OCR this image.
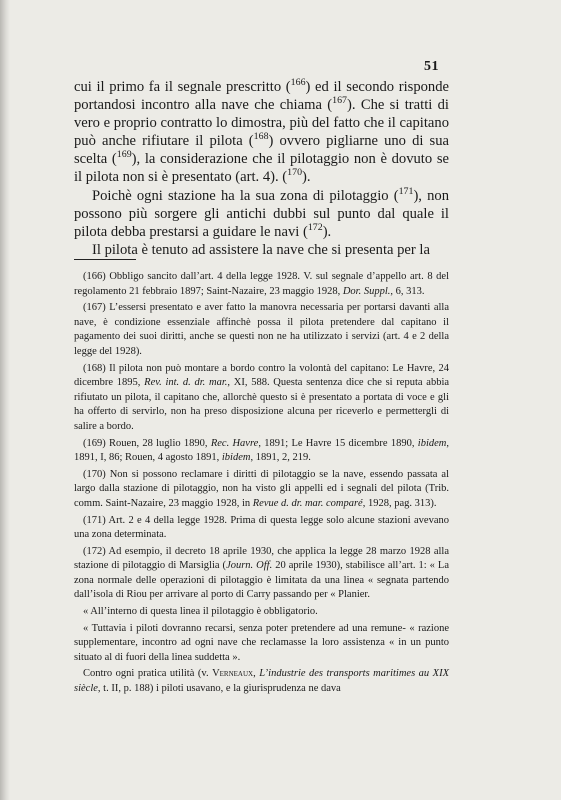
51

cui il primo fa il segnale prescritto ($^{166}$) ed il secondo risponde portandosi incontro alla nave che chiama ($^{167}$). Che si tratti di vero e proprio contratto lo dimostra, più del fatto che il capitano può anche rifiutare il pilota ($^{168}$) ovvero pigliarne uno di sua scelta ($^{169}$), la considerazione che il pilotaggio non è dovuto se il pilota non si è presentato (art. 4). ($^{170}$).

Poichè ogni stazione ha la sua zona di pilotaggio ($^{171}$), non possono più sorgere gli antichi dubbi sul punto dal quale il pilota debba prestarsi a guidare le navi ($^{172}$).

Il pilota è tenuto ad assistere la nave che si presenta per la

(166) Obbligo sancito dall’art. 4 della legge 1928. V. sul segnale d’appello art. 8 del regolamento 21 febbraio 1897; Saint-Nazaire, 23 maggio 1928, Dor. Suppl., 6, 313.

(167) L’essersi presentato e aver fatto la manovra necessaria per portarsi davanti alla nave, è condizione essenziale affinchè possa il pilota pretendere dal capitano il pagamento dei suoi diritti, anche se questi non ne ha utilizzato i servizi (art. 4 e 2 della legge del 1928).

(168) Il pilota non può montare a bordo contro la volontà del capitano: Le Havre, 24 dicembre 1895, Rev. int. d. dr. mar., XI, 588. Questa sentenza dice che si reputa abbia rifiutato un pilota, il capitano che, allorchè questo si è presentato a portata di voce e gli ha offerto di servirlo, non ha preso disposizione alcuna per riceverlo e permettergli di salire a bordo.

(169) Rouen, 28 luglio 1890, Rec. Havre, 1891; Le Havre 15 dicembre 1890, ibidem, 1891, I, 86; Rouen, 4 agosto 1891, ibidem, 1891, 2, 219.

(170) Non si possono reclamare i diritti di pilotaggio se la nave, essendo passata al largo dalla stazione di pilotaggio, non ha visto gli appelli ed i segnali del pilota (Trib. comm. Saint-Nazaire, 23 maggio 1928, in Revue d. dr. mar. comparé, 1928, pag. 313).

(171) Art. 2 e 4 della legge 1928. Prima di questa legge solo alcune stazioni avevano una zona determinata.

(172) Ad esempio, il decreto 18 aprile 1930, che applica la legge 28 marzo 1928 alla stazione di pilotaggio di Marsiglia (Journ. Off. 20 aprile 1930), stabilisce all’art. 1: « La zona normale delle operazioni di pilotaggio è limitata da una linea « segnata partendo dall’isola di Riou per arrivare al porto di Carry passando per « Planier.

« All’interno di questa linea il pilotaggio è obbligatorio.

« Tuttavia i piloti dovranno recarsi, senza poter pretendere ad una remune- « razione supplementare, incontro ad ogni nave che reclamasse la loro assistenza « in un punto situato al di fuori della linea suddetta ».

Contro ogni pratica utilità (v. Verneaux, L’industrie des transports maritimes au XIX siècle, t. II, p. 188) i piloti usavano, e la giurisprudenza ne dava
